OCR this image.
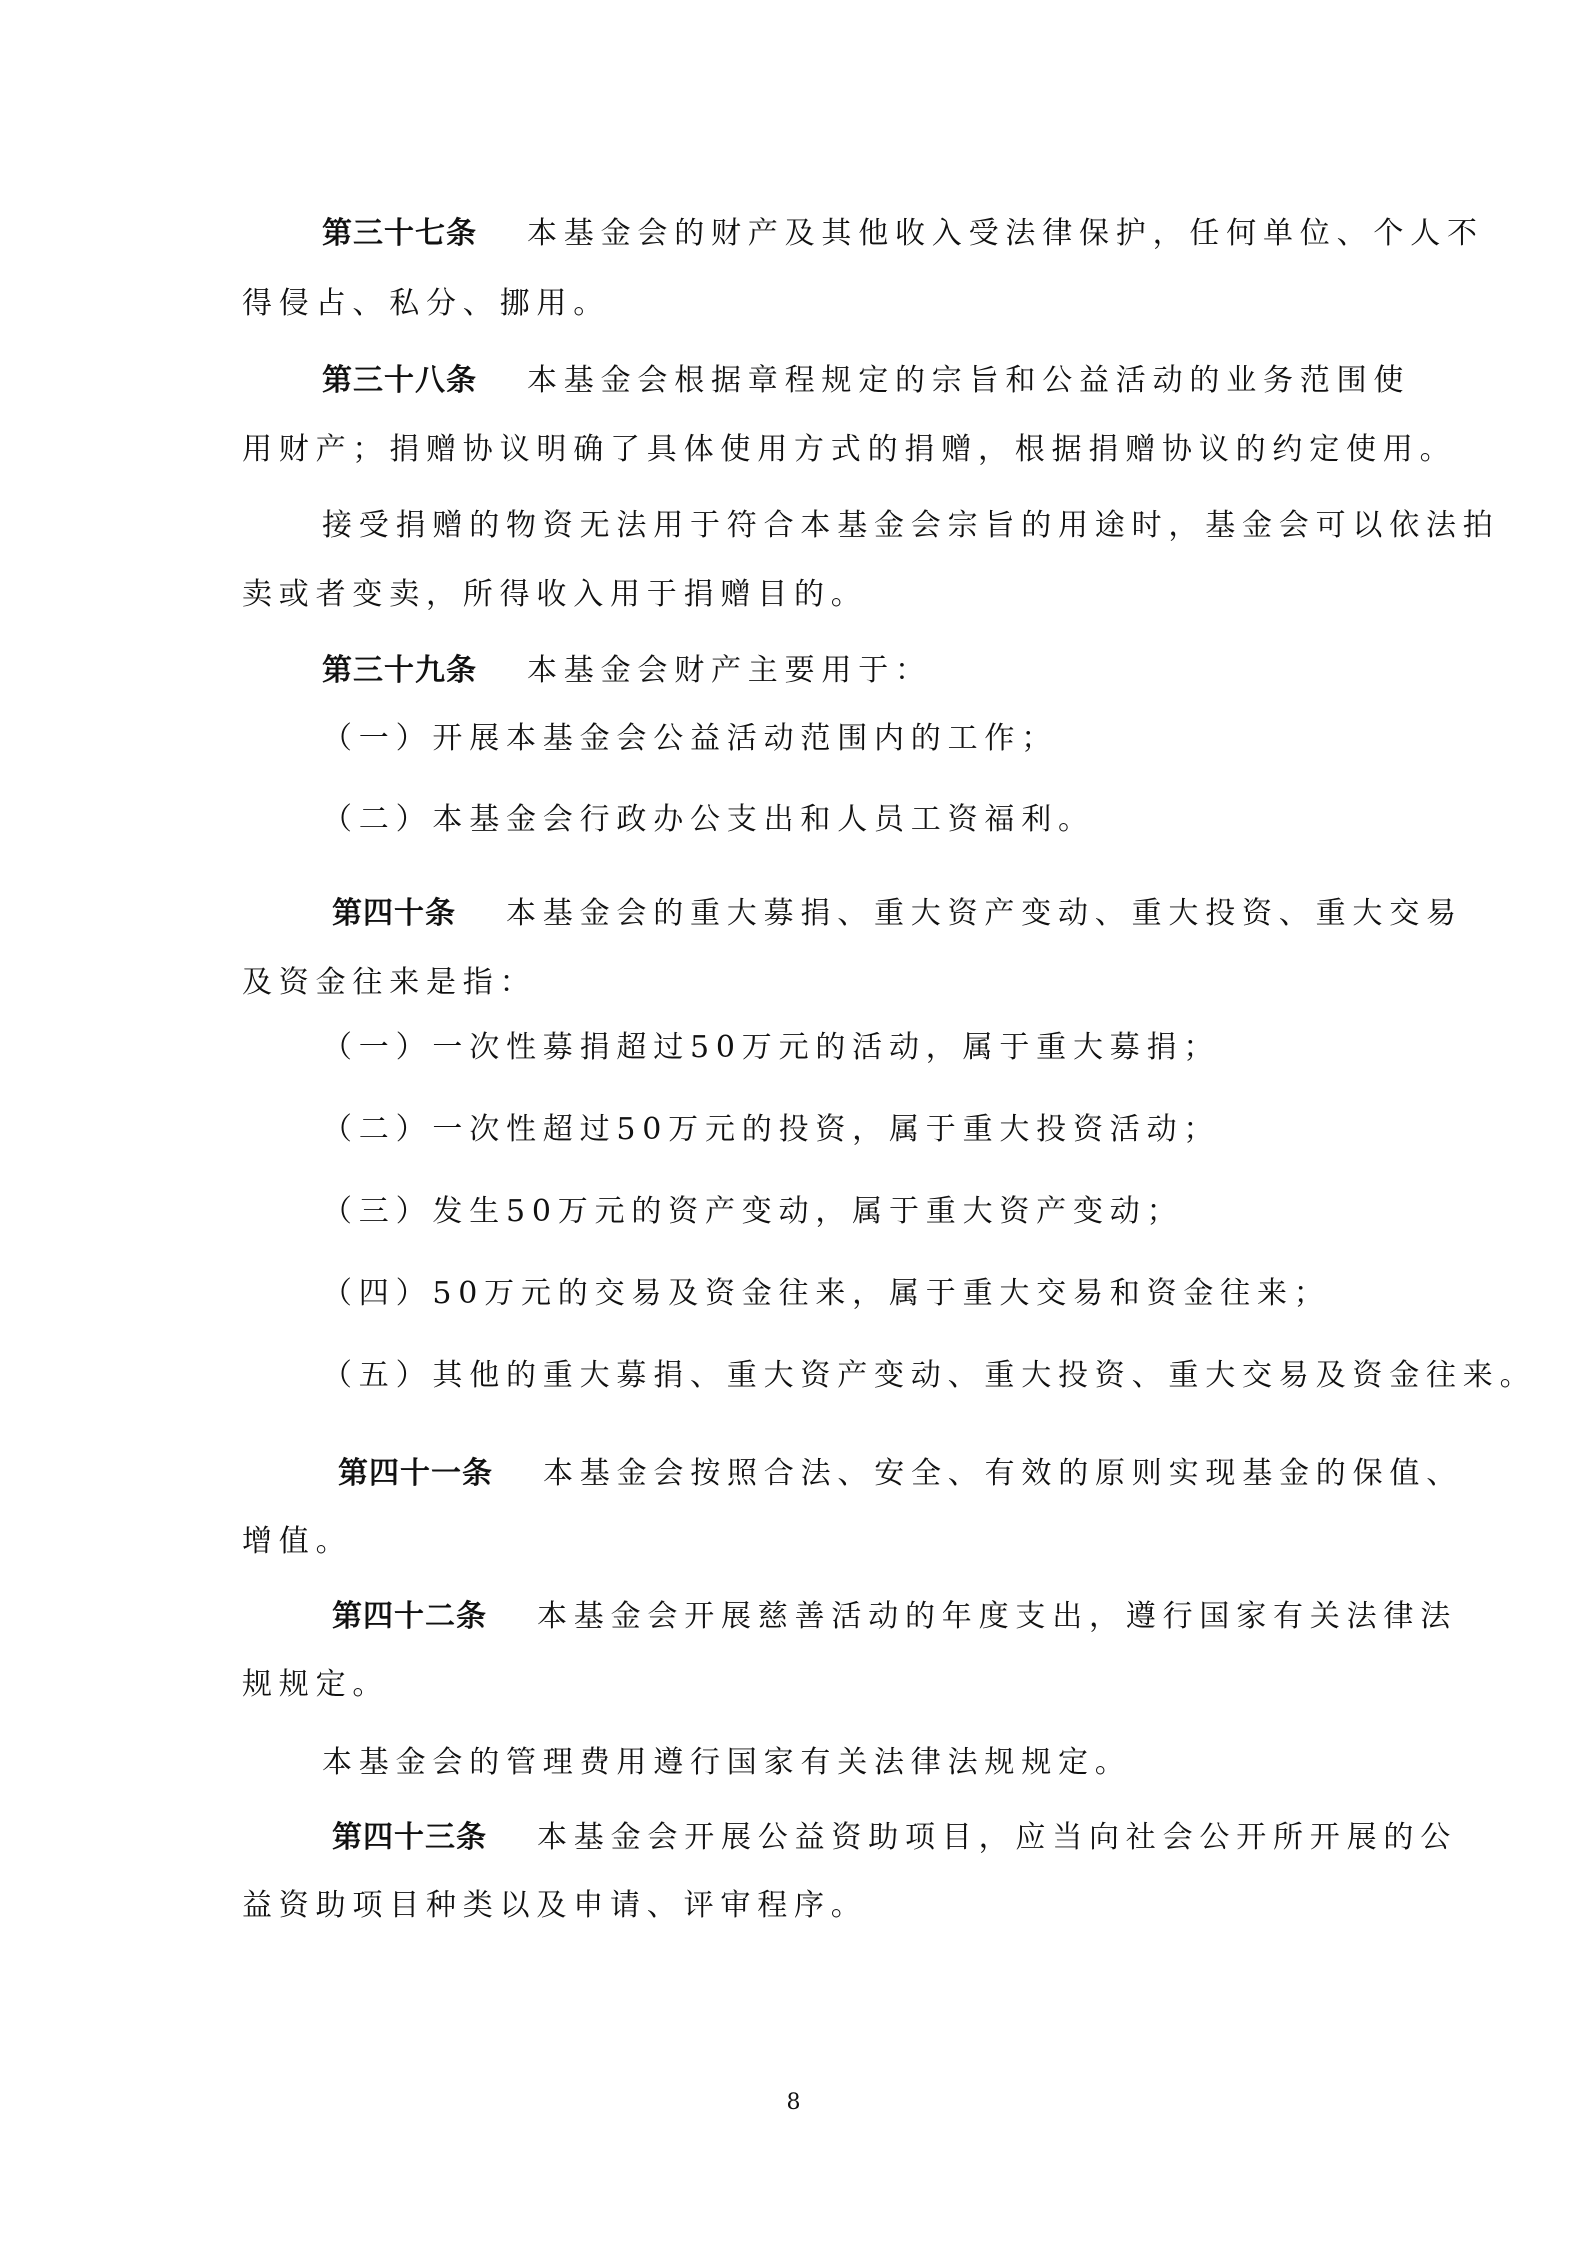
第三十七条 本基金会的财产及其他收入受法律保护，任何单位、个人不

得侵占、私分、挪用。

第三十八条 本基金会根据章程规定的宗旨和公益活动的业务范围使

用财产；捐赠协议明确了具体使用方式的捐赠，根据捐赠协议的约定使用。

接受捐赠的物资无法用于符合本基金会宗旨的用途时，基金会可以依法拍

卖或者变卖，所得收入用于捐赠目的。

第三十九条 本基金会财产主要用于：

（一）开展本基金会公益活动范围内的工作；

（二）本基金会行政办公支出和人员工资福利。

第四十条 本基金会的重大募捐、重大资产变动、重大投资、重大交易

及资金往来是指：

（一）一次性募捐超过50万元的活动，属于重大募捐；

（二）一次性超过50万元的投资，属于重大投资活动；

（三）发生50万元的资产变动，属于重大资产变动；

（四）50万元的交易及资金往来，属于重大交易和资金往来；

（五）其他的重大募捐、重大资产变动、重大投资、重大交易及资金往来。

第四十一条 本基金会按照合法、安全、有效的原则实现基金的保值、

增值。

第四十二条 本基金会开展慈善活动的年度支出，遵行国家有关法律法

规规定。

本基金会的管理费用遵行国家有关法律法规规定。

第四十三条 本基金会开展公益资助项目，应当向社会公开所开展的公

益资助项目种类以及申请、评审程序。

8
